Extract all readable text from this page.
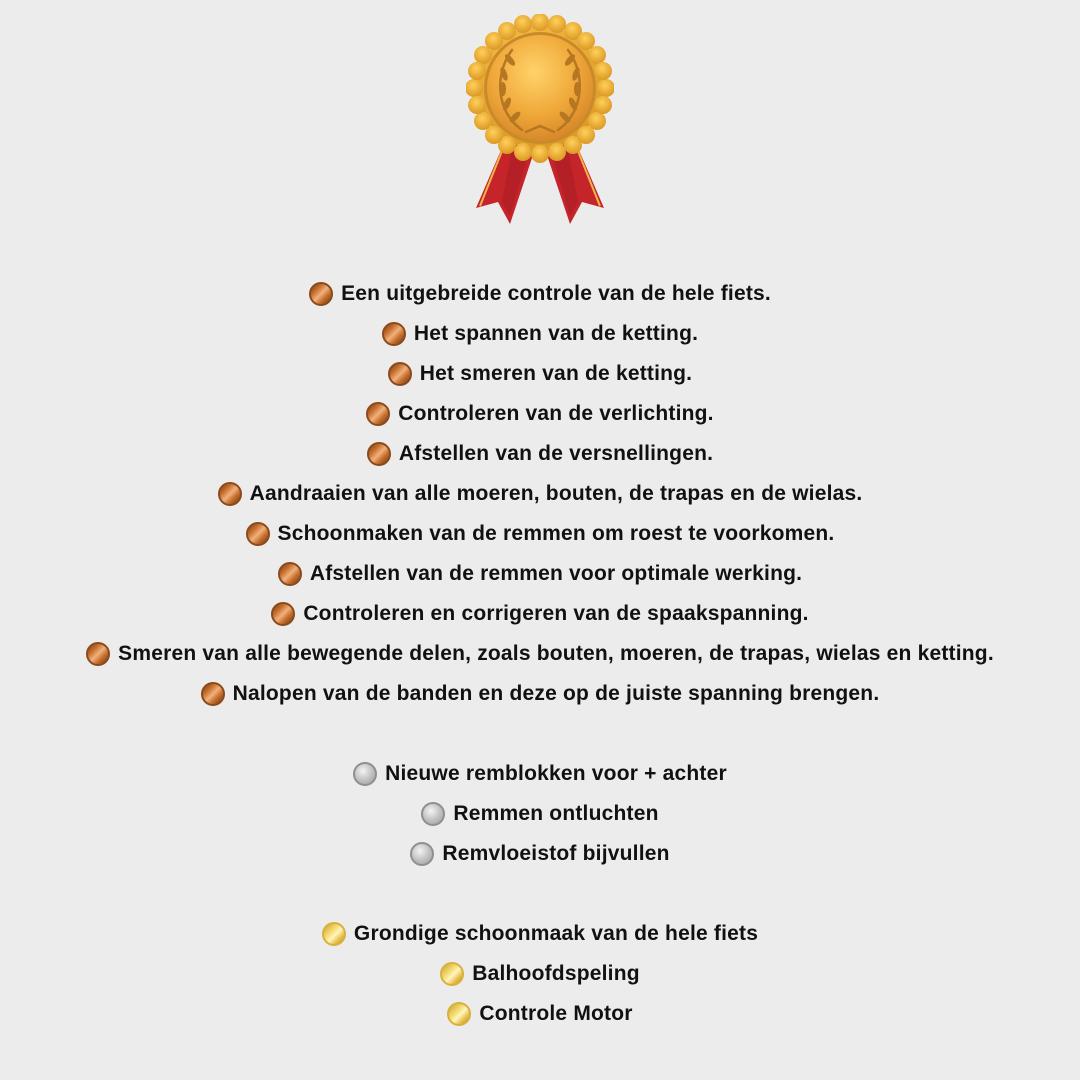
Een uitgebreide controle van de hele fiets.
Het spannen van de ketting.
Het smeren van de ketting.
Controleren van de verlichting.
Afstellen van de versnellingen.
Aandraaien van alle moeren, bouten, de trapas en de wielas.
Schoonmaken van de remmen om roest te voorkomen.
Afstellen van de remmen voor optimale werking.
Controleren en corrigeren van de spaakspanning.
Smeren van alle bewegende delen, zoals bouten, moeren, de trapas, wielas en ketting.
Nalopen van de banden en deze op de juiste spanning brengen.
Nieuwe remblokken voor + achter
Remmen ontluchten
Remvloeistof bijvullen
Grondige schoonmaak van de hele fiets
Balhoofdspeling
Controle Motor
